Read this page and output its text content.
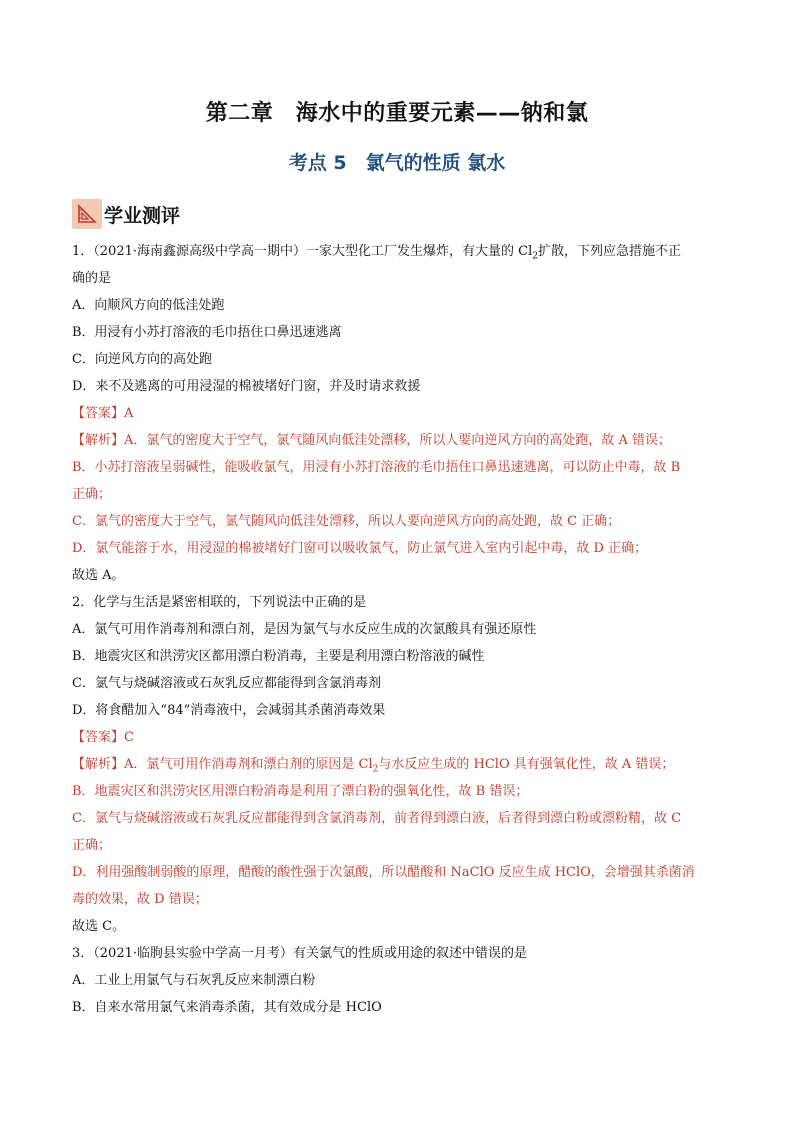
第二章　海水中的重要元素——钠和氯
考点 5　氯气的性质 氯水
学业测评
1．（2021·海南鑫源高级中学高一期中）一家大型化工厂发生爆炸，有大量的 $Cl_2$扩散，下列应急措施不正
确的是
A．向顺风方向的低洼处跑
B．用浸有小苏打溶液的毛巾捂住口鼻迅速逃离
C．向逆风方向的高处跑
D．来不及逃离的可用浸湿的棉被堵好门窗，并及时请求救援
【答案】A
【解析】A．氯气的密度大于空气，氯气随风向低洼处漂移，所以人要向逆风方向的高处跑，故 A 错误；
B．小苏打溶液呈弱碱性，能吸收氯气，用浸有小苏打溶液的毛巾捂住口鼻迅速逃离，可以防止中毒，故 B
正确；
C．氯气的密度大于空气，氯气随风向低洼处漂移，所以人要向逆风方向的高处跑，故 C 正确；
D．氯气能溶于水，用浸湿的棉被堵好门窗可以吸收氯气，防止氯气进入室内引起中毒，故 D 正确；
故选 A。
2．化学与生活是紧密相联的，下列说法中正确的是
A．氯气可用作消毒剂和漂白剂，是因为氯气与水反应生成的次氯酸具有强还原性
B．地震灾区和洪涝灾区都用漂白粉消毒，主要是利用漂白粉溶液的碱性
C．氯气与烧碱溶液或石灰乳反应都能得到含氯消毒剂
D．将食醋加入“84”消毒液中，会减弱其杀菌消毒效果
【答案】C
【解析】A．氯气可用作消毒剂和漂白剂的原因是 $Cl_2$与水反应生成的 HClO 具有强氧化性，故 A 错误；
B．地震灾区和洪涝灾区用漂白粉消毒是利用了漂白粉的强氧化性，故 B 错误；
C．氯气与烧碱溶液或石灰乳反应都能得到含氯消毒剂，前者得到漂白液，后者得到漂白粉或漂粉精，故 C
正确；
D．利用强酸制弱酸的原理，醋酸的酸性强于次氯酸，所以醋酸和 NaClO 反应生成 HClO，会增强其杀菌消
毒的效果，故 D 错误；
故选 C。
3．（2021·临朐县实验中学高一月考）有关氯气的性质或用途的叙述中错误的是
A．工业上用氯气与石灰乳反应来制漂白粉
B．自来水常用氯气来消毒杀菌，其有效成分是 HClO
